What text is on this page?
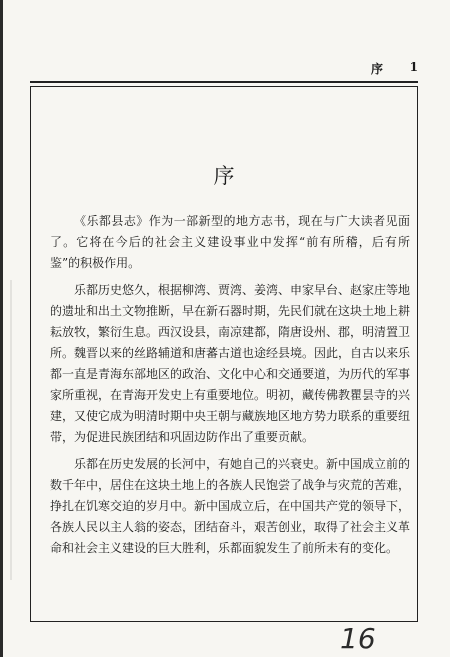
序 1
序

《乐都县志》作为一部新型的地方志书，现在与广大读者见面了。它将在今后的社会主义建设事业中发挥“前有所稽，后有所鉴”的积极作用。

乐都历史悠久，根据柳湾、贾湾、姜湾、申家早台、赵家庄等地的遗址和出土文物推断，早在新石器时期，先民们就在这块土地上耕耘放牧，繁衍生息。西汉设县，南凉建都，隋唐设州、郡，明清置卫所。魏晋以来的丝路辅道和唐蕃古道也途经县境。因此，自古以来乐都一直是青海东部地区的政治、文化中心和交通要道，为历代的军事家所重视，在青海开发史上有重要地位。明初，藏传佛教瞿昙寺的兴建，又使它成为明清时期中央王朝与藏族地区地方势力联系的重要纽带，为促进民族团结和巩固边防作出了重要贡献。

乐都在历史发展的长河中，有她自己的兴衰史。新中国成立前的数千年中，居住在这块土地上的各族人民饱尝了战争与灾荒的苦难，挣扎在饥寒交迫的岁月中。新中国成立后，在中国共产党的领导下，各族人民以主人翁的姿态，团结奋斗，艰苦创业，取得了社会主义革命和社会主义建设的巨大胜利，乐都面貌发生了前所未有的变化。

16
